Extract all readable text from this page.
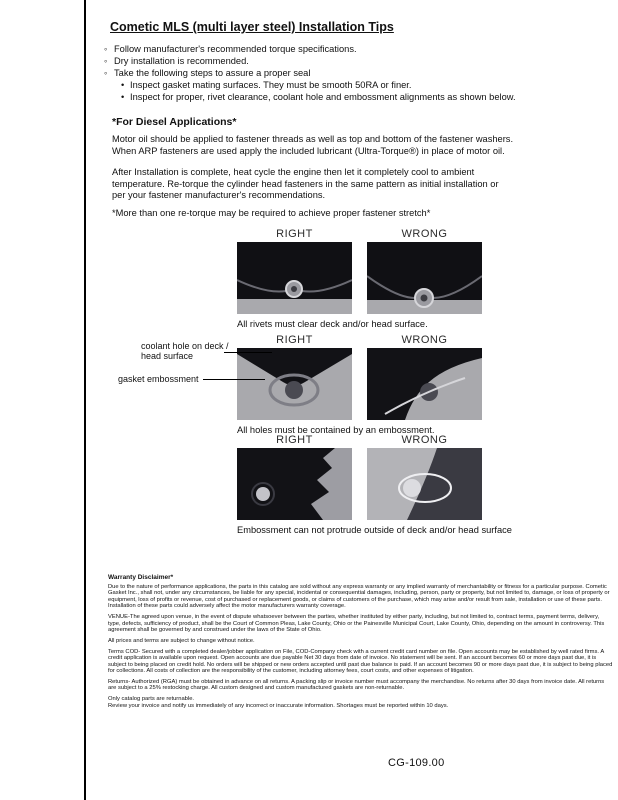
Cometic MLS (multi layer steel) Installation Tips
◦ Follow manufacturer's recommended torque specifications.
◦ Dry installation is recommended.
◦ Take the following steps to assure a proper seal
• Inspect gasket mating surfaces. They must be smooth 50RA or finer.
• Inspect for proper, rivet clearance, coolant hole and embossment alignments as shown below.
*For Diesel Applications*

Motor oil should be applied to fastener threads as well as top and bottom of the fastener washers. When ARP fasteners are used apply the included lubricant (Ultra-Torque®) in place of motor oil.

After Installation is complete, heat cycle the engine then let it completely cool to ambient temperature. Re-torque the cylinder head fasteners in the same pattern as initial installation or per your fastener manufacturer's recommendations.

*More than one re-torque may be required to achieve proper fastener stretch*

RIGHT	WRONG
All rivets must clear deck and/or head surface.
RIGHT	WRONG
All holes must be contained by an embossment.
coolant hole on deck / head surface
gasket embossment
RIGHT	WRONG
Embossment can not protrude outside of deck and/or head surface
Warranty Disclaimer*

Due to the nature of performance applications, the parts in this catalog are sold without any express warranty or any implied warranty of merchantability or fitness for a particular purpose. Cometic Gasket Inc., shall not, under any circumstances, be liable for any special, incidental or consequential damages, including, person, party or property, but not limited to, damage, or loss of property or equipment, loss of profits or revenue, cost of purchased or replacement goods, or claims of customers of the purchase, which may arise and/or result from sale, installation or use of these parts. Installation of these parts could adversely affect the motor manufacturers warranty coverage.

VENUE-The agreed upon venue, in the event of dispute whatsoever between the parties, whether instituted by either party, including, but not limited to, contract terms, payment terms, delivery, type, defects, sufficiency of product, shall be the Court of Common Pleas, Lake County, Ohio or the Painesville Municipal Court, Lake County, Ohio, depending on the amount in controversy. This agreement shall be governed by and construed under the laws of the State of Ohio.

All prices and terms are subject to change without notice.

Terms COD- Secured with a completed dealer/jobber application on File, COD-Company check with a current credit card number on file. Open accounts may be established by well rated firms. A credit application is available upon request. Open accounts are due payable Net 30 days from date of invoice. No statement will be sent. If an account becomes 60 or more days past due, it is subject to being placed on credit hold. No orders will be shipped or new orders accepted until past due balance is paid. If an account becomes 90 or more days past due, it is subject to being placed for collections. All costs of collection are the responsibility of the customer, including attorney fees, court costs, and other expenses of litigation.

Returns- Authorized (RGA) must be obtained in advance on all returns. A packing slip or invoice number must accompany the merchandise. No returns after 30 days from invoice date. All returns are subject to a 25% restocking charge. All custom designed and custom manufactured gaskets are non-returnable.

Only catalog parts are returnable.

Review your invoice and notify us immediately of any incorrect or inaccurate information. Shortages must be reported within 10 days.

CG-109.00
